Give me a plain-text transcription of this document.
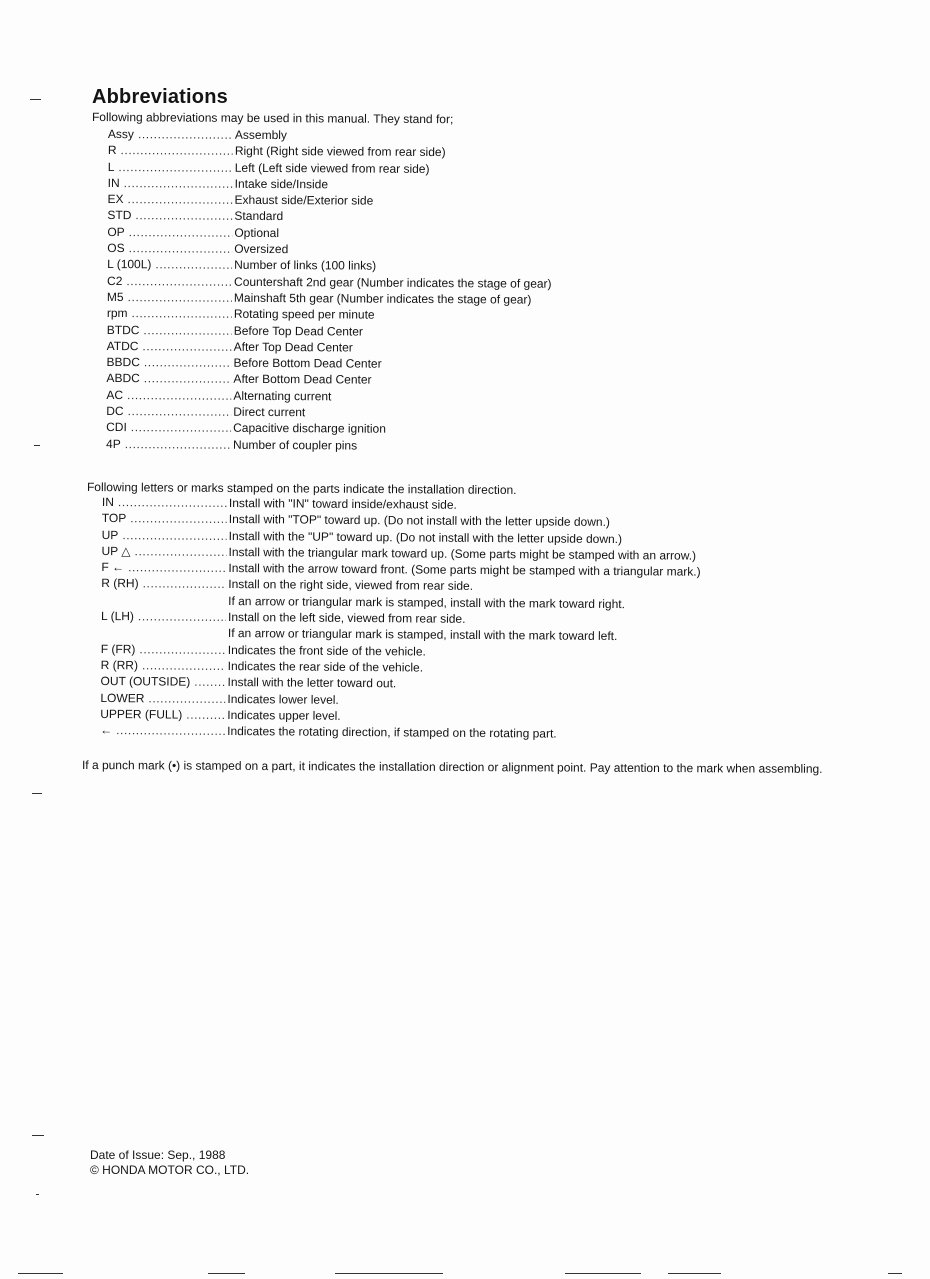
Abbreviations
Following abbreviations may be used in this manual. They stand for;
Assy .....	Assembly
R .....	Right (Right side viewed from rear side)
L .....	Left (Left side viewed from rear side)
IN .....	Intake side/Inside
EX .....	Exhaust side/Exterior side
STD .....	Standard
OP .....	Optional
OS .....	Oversized
L (100L) .....	Number of links (100 links)
C2 .....	Countershaft 2nd gear (Number indicates the stage of gear)
M5 .....	Mainshaft 5th gear (Number indicates the stage of gear)
rpm .....	Rotating speed per minute
BTDC .....	Before Top Dead Center
ATDC .....	After Top Dead Center
BBDC .....	Before Bottom Dead Center
ABDC .....	After Bottom Dead Center
AC .....	Alternating current
DC .....	Direct current
CDI .....	Capacitive discharge ignition
4P .....	Number of coupler pins
Following letters or marks stamped on the parts indicate the installation direction.
IN .....	Install with "IN" toward inside/exhaust side.
TOP .....	Install with "TOP" toward up. (Do not install with the letter upside down.)
UP .....	Install with the "UP" toward up. (Do not install with the letter upside down.)
UP △ .....	Install with the triangular mark toward up. (Some parts might be stamped with an arrow.)
F ← .....	Install with the arrow toward front. (Some parts might be stamped with a triangular mark.)
R (RH) .....	Install on the right side, viewed from rear side.
If an arrow or triangular mark is stamped, install with the mark toward right.
L (LH) .....	Install on the left side, viewed from rear side.
If an arrow or triangular mark is stamped, install with the mark toward left.
F (FR) .....	Indicates the front side of the vehicle.
R (RR) .....	Indicates the rear side of the vehicle.
OUT (OUTSIDE) .....	Install with the letter toward out.
LOWER .....	Indicates lower level.
UPPER (FULL) .....	Indicates upper level.
← .....	Indicates the rotating direction, if stamped on the rotating part.
If a punch mark (•) is stamped on a part, it indicates the installation direction or alignment point. Pay attention to the mark when assembling.
Date of Issue: Sep., 1988
© HONDA MOTOR CO., LTD.
